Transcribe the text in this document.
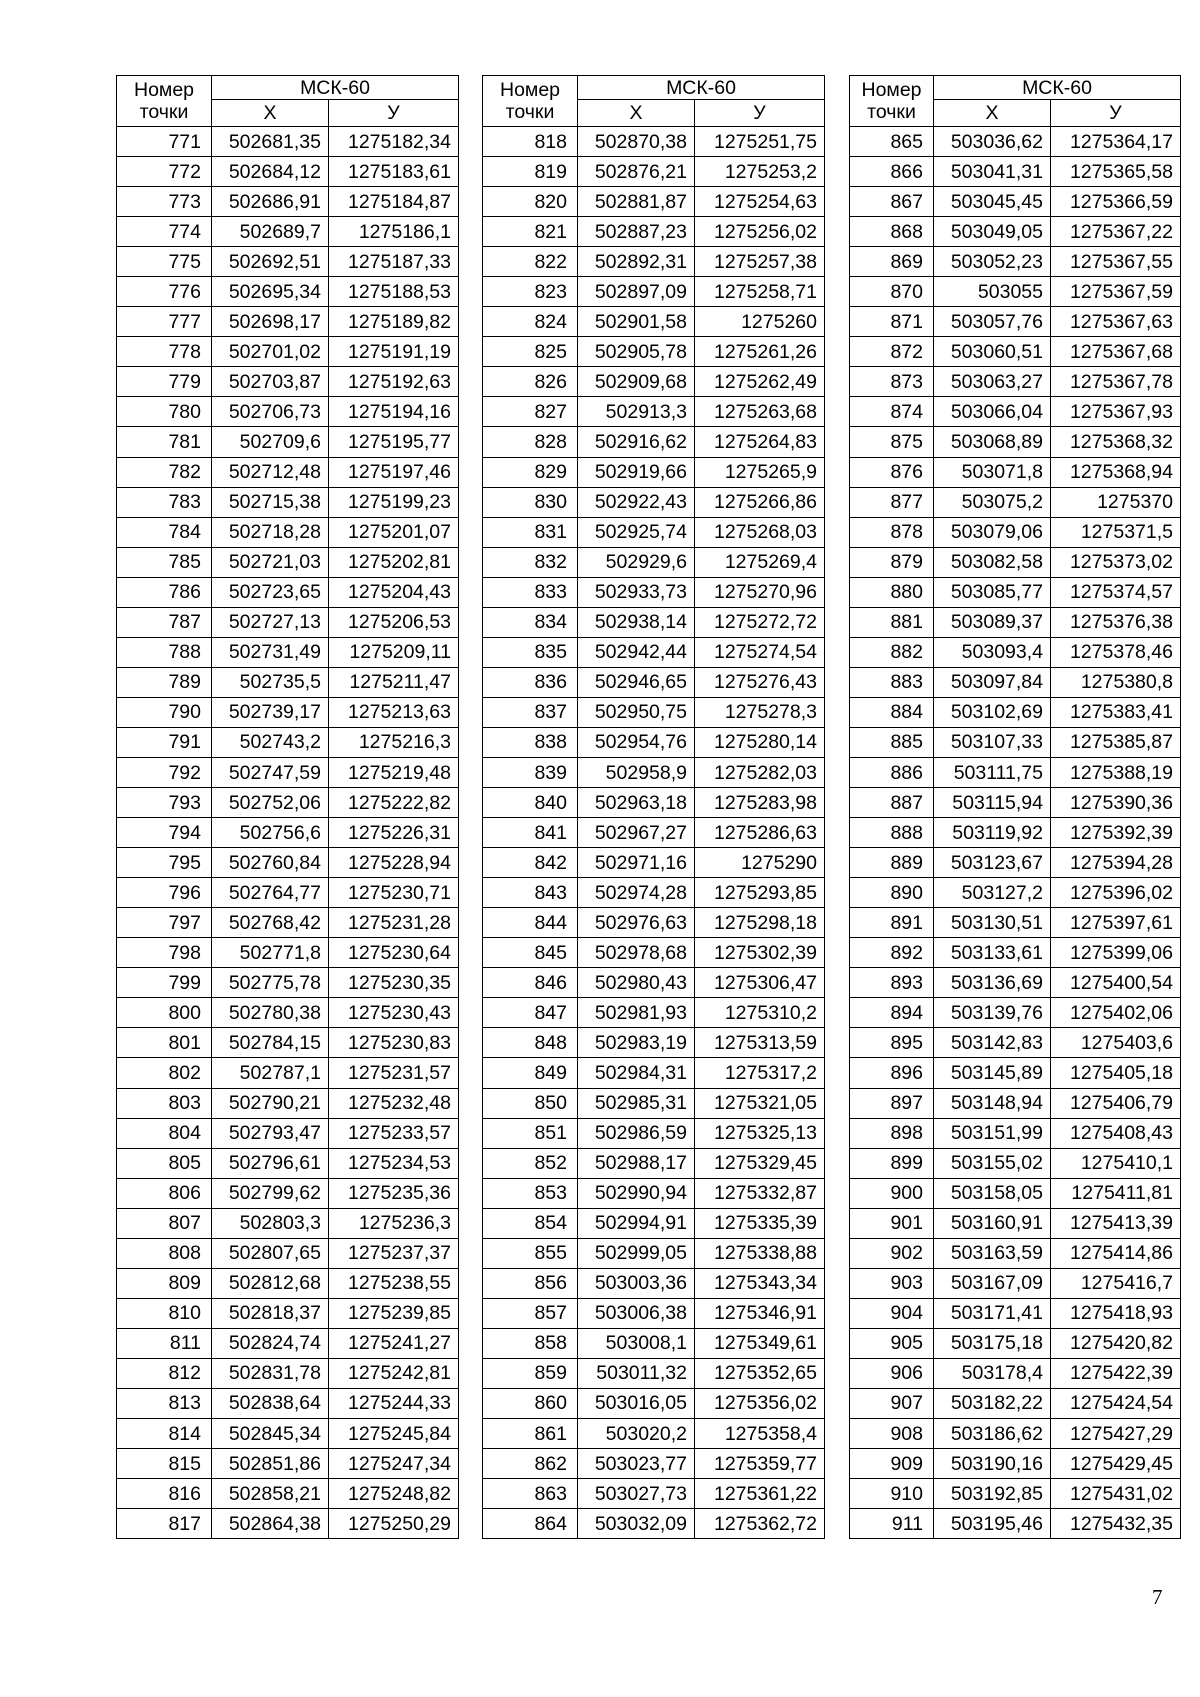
Номер точки	МСК-60	
	X	У
771	502681,35	1275182,34
772	502684,12	1275183,61
773	502686,91	1275184,87
774	502689,7	1275186,1
775	502692,51	1275187,33
776	502695,34	1275188,53
777	502698,17	1275189,82
778	502701,02	1275191,19
779	502703,87	1275192,63
780	502706,73	1275194,16
781	502709,6	1275195,77
782	502712,48	1275197,46
783	502715,38	1275199,23
784	502718,28	1275201,07
785	502721,03	1275202,81
786	502723,65	1275204,43
787	502727,13	1275206,53
788	502731,49	1275209,11
789	502735,5	1275211,47
790	502739,17	1275213,63
791	502743,2	1275216,3
792	502747,59	1275219,48
793	502752,06	1275222,82
794	502756,6	1275226,31
795	502760,84	1275228,94
796	502764,77	1275230,71
797	502768,42	1275231,28
798	502771,8	1275230,64
799	502775,78	1275230,35
800	502780,38	1275230,43
801	502784,15	1275230,83
802	502787,1	1275231,57
803	502790,21	1275232,48
804	502793,47	1275233,57
805	502796,61	1275234,53
806	502799,62	1275235,36
807	502803,3	1275236,3
808	502807,65	1275237,37
809	502812,68	1275238,55
810	502818,37	1275239,85
811	502824,74	1275241,27
812	502831,78	1275242,81
813	502838,64	1275244,33
814	502845,34	1275245,84
815	502851,86	1275247,34
816	502858,21	1275248,82
817	502864,38	1275250,29
Номер точки	МСК-60	
	X	У
818	502870,38	1275251,75
819	502876,21	1275253,2
820	502881,87	1275254,63
821	502887,23	1275256,02
822	502892,31	1275257,38
823	502897,09	1275258,71
824	502901,58	1275260
825	502905,78	1275261,26
826	502909,68	1275262,49
827	502913,3	1275263,68
828	502916,62	1275264,83
829	502919,66	1275265,9
830	502922,43	1275266,86
831	502925,74	1275268,03
832	502929,6	1275269,4
833	502933,73	1275270,96
834	502938,14	1275272,72
835	502942,44	1275274,54
836	502946,65	1275276,43
837	502950,75	1275278,3
838	502954,76	1275280,14
839	502958,9	1275282,03
840	502963,18	1275283,98
841	502967,27	1275286,63
842	502971,16	1275290
843	502974,28	1275293,85
844	502976,63	1275298,18
845	502978,68	1275302,39
846	502980,43	1275306,47
847	502981,93	1275310,2
848	502983,19	1275313,59
849	502984,31	1275317,2
850	502985,31	1275321,05
851	502986,59	1275325,13
852	502988,17	1275329,45
853	502990,94	1275332,87
854	502994,91	1275335,39
855	502999,05	1275338,88
856	503003,36	1275343,34
857	503006,38	1275346,91
858	503008,1	1275349,61
859	503011,32	1275352,65
860	503016,05	1275356,02
861	503020,2	1275358,4
862	503023,77	1275359,77
863	503027,73	1275361,22
864	503032,09	1275362,72
Номер точки	МСК-60	
	X	У
865	503036,62	1275364,17
866	503041,31	1275365,58
867	503045,45	1275366,59
868	503049,05	1275367,22
869	503052,23	1275367,55
870	503055	1275367,59
871	503057,76	1275367,63
872	503060,51	1275367,68
873	503063,27	1275367,78
874	503066,04	1275367,93
875	503068,89	1275368,32
876	503071,8	1275368,94
877	503075,2	1275370
878	503079,06	1275371,5
879	503082,58	1275373,02
880	503085,77	1275374,57
881	503089,37	1275376,38
882	503093,4	1275378,46
883	503097,84	1275380,8
884	503102,69	1275383,41
885	503107,33	1275385,87
886	503111,75	1275388,19
887	503115,94	1275390,36
888	503119,92	1275392,39
889	503123,67	1275394,28
890	503127,2	1275396,02
891	503130,51	1275397,61
892	503133,61	1275399,06
893	503136,69	1275400,54
894	503139,76	1275402,06
895	503142,83	1275403,6
896	503145,89	1275405,18
897	503148,94	1275406,79
898	503151,99	1275408,43
899	503155,02	1275410,1
900	503158,05	1275411,81
901	503160,91	1275413,39
902	503163,59	1275414,86
903	503167,09	1275416,7
904	503171,41	1275418,93
905	503175,18	1275420,82
906	503178,4	1275422,39
907	503182,22	1275424,54
908	503186,62	1275427,29
909	503190,16	1275429,45
910	503192,85	1275431,02
911	503195,46	1275432,35
7
